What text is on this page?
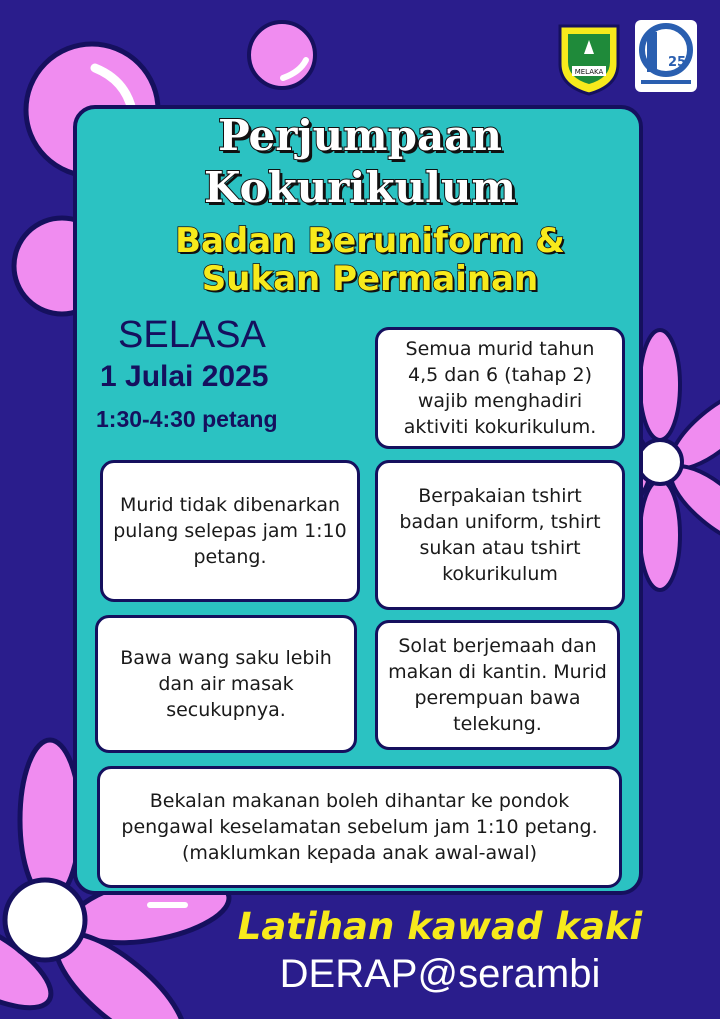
MELAKA
25
Perjumpaan
Kokurikulum
Badan Beruniform &
Sukan Permainan
SELASA
1 Julai 2025
1:30-4:30 petang
Semua murid tahun 4,5 dan 6 (tahap 2) wajib menghadiri aktiviti kokurikulum.
Murid tidak dibenarkan pulang selepas jam 1:10 petang.
Berpakaian tshirt badan uniform, tshirt sukan atau tshirt kokurikulum
Bawa wang saku lebih dan air masak secukupnya.
Solat berjemaah dan makan di kantin. Murid perempuan bawa telekung.
Bekalan makanan boleh dihantar ke pondok pengawal keselamatan sebelum jam 1:10 petang. (maklumkan kepada anak awal-awal)
Latihan kawad kaki
DERAP@serambi
